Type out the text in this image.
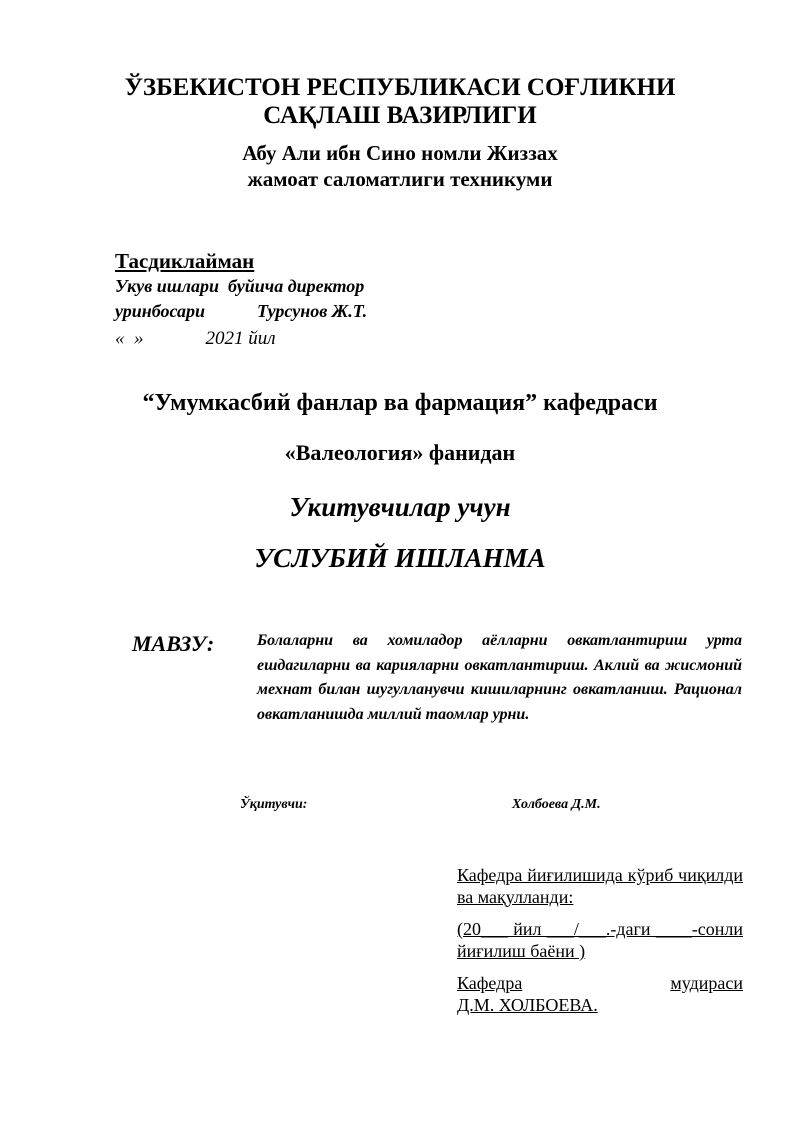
ЎЗБЕКИСТОН РЕСПУБЛИКАСИ СОҒЛИКНИ
САҚЛАШ ВАЗИРЛИГИ
Абу Али ибн Сино номли Жиззах
жамоат саломатлиги техникуми
Тасдиклайман
Укув ишлари  буйича директор
уринбосари	Турсунов Ж.Т.
«  »	2021 йил
“Умумкасбий фанлар ва фармация” кафедраси
«Валеология» фанидан
Укитувчилар учун
УСЛУБИЙ ИШЛАНМА
МАВЗУ:	Болаларни ва хомиладор аёлларни овкатлантириш урта ешдагиларни ва карияларни овкатлантириш. Аклий ва жисмоний мехнат билан шугулланувчи кишиларнинг овкатланиш. Рационал овкатланишда миллий таомлар урни.
Ўқитувчи:	Холбоева Д.М.
Кафедра йиғилишида кўриб чиқилди ва мақулланди:
(20___ йил ___/___.-даги ____-сонли йиғилиш баёни )
Кафедра	мудираси
Д.М. ХОЛБОЕВА.
